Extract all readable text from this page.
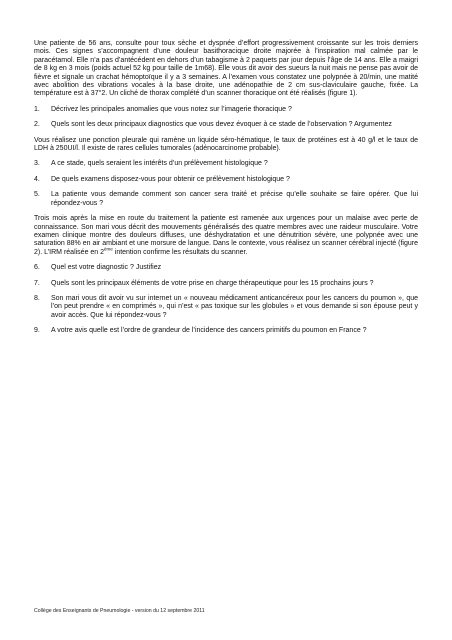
Une patiente de 56 ans, consulte pour toux sèche et dyspnée d’effort progressivement croissante sur les trois derniers mois. Ces signes s’accompagnent d’une douleur basithoracique droite majorée à l’inspiration mal calmée par le paracétamol. Elle n’a pas d’antécédent en dehors d’un tabagisme à 2 paquets par jour depuis l’âge de 14 ans. Elle a maigri de 8 kg en 3 mois (poids actuel 52 kg pour taille de 1m68). Elle vous dit avoir des sueurs la nuit mais ne pense pas avoir de fièvre et signale un crachat hémoptoïque il y a 3 semaines. A l’examen vous constatez une polypnée à 20/min, une matité avec abolition des vibrations vocales à la base droite, une adénopathie de 2 cm sus-claviculaire gauche, fixée. La température est à 37°2. Un cliché de thorax complété d’un scanner thoracique ont été réalisés (figure 1).

1.	Décrivez les principales anomalies que vous notez sur l’imagerie thoracique ?
2.	Quels sont les deux principaux diagnostics que vous devez évoquer à ce stade de l’observation ? Argumentez

Vous réalisez une ponction pleurale qui ramène un liquide séro-hématique, le taux de protéines est à 40 g/l et le taux de LDH à 250UI/l. Il existe de rares cellules tumorales (adénocarcinome probable).

3.	A ce stade, quels seraient les intérêts d’un prélèvement histologique ?
4.	De quels examens disposez-vous pour obtenir ce prélèvement histologique ?
5.	La patiente vous demande comment son cancer sera traité et précise qu’elle souhaite se faire opérer. Que lui répondez-vous ?

Trois mois après la mise en route du traitement la patiente est ramenée aux urgences pour un malaise avec perte de connaissance. Son mari vous décrit des mouvements généralisés des quatre membres avec une raideur musculaire. Votre examen clinique montre des douleurs diffuses, une déshydratation et une dénutrition sévère, une polypnée avec une saturation 88% en air ambiant et une morsure de langue. Dans le contexte, vous réalisez un scanner cérébral injecté (figure 2). L’IRM réalisée en 2ème intention confirme les résultats du scanner.

6.	Quel est votre diagnostic ? Justifiez
7.	Quels sont les principaux éléments de votre prise en charge thérapeutique pour les 15 prochains jours ?
8.	Son mari vous dit avoir vu sur internet un « nouveau médicament anticancéreux pour les cancers du poumon », que l’on peut prendre « en comprimés », qui n’est « pas toxique sur les globules » et vous demande si son épouse peut y avoir accès. Que lui répondez-vous ?
9.	A votre avis quelle est l’ordre de grandeur de l’incidence des cancers primitifs du poumon en France ?
Collège des Enseignants de Pneumologie - version du 12 septembre 2011
